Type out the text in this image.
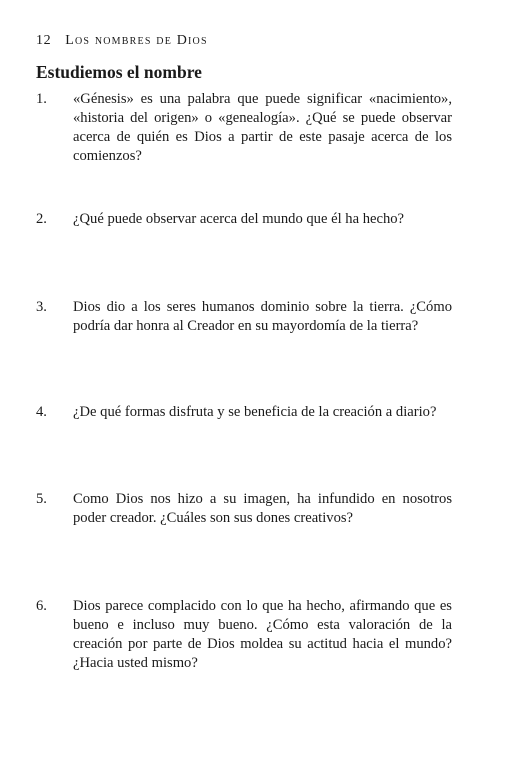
12 Los nombres de Dios
Estudiemos el nombre
1.	«Génesis» es una palabra que puede significar «nacimiento», «historia del origen» o «genealogía». ¿Qué se puede observar acerca de quién es Dios a partir de este pasaje acerca de los comienzos?
2.	¿Qué puede observar acerca del mundo que él ha hecho?
3.	Dios dio a los seres humanos dominio sobre la tierra. ¿Cómo podría dar honra al Creador en su mayordomía de la tierra?
4.	¿De qué formas disfruta y se beneficia de la creación a diario?
5.	Como Dios nos hizo a su imagen, ha infundido en nosotros poder creador. ¿Cuáles son sus dones creativos?
6.	Dios parece complacido con lo que ha hecho, afirmando que es bueno e incluso muy bueno. ¿Cómo esta valoración de la creación por parte de Dios moldea su actitud hacia el mundo? ¿Hacia usted mismo?
